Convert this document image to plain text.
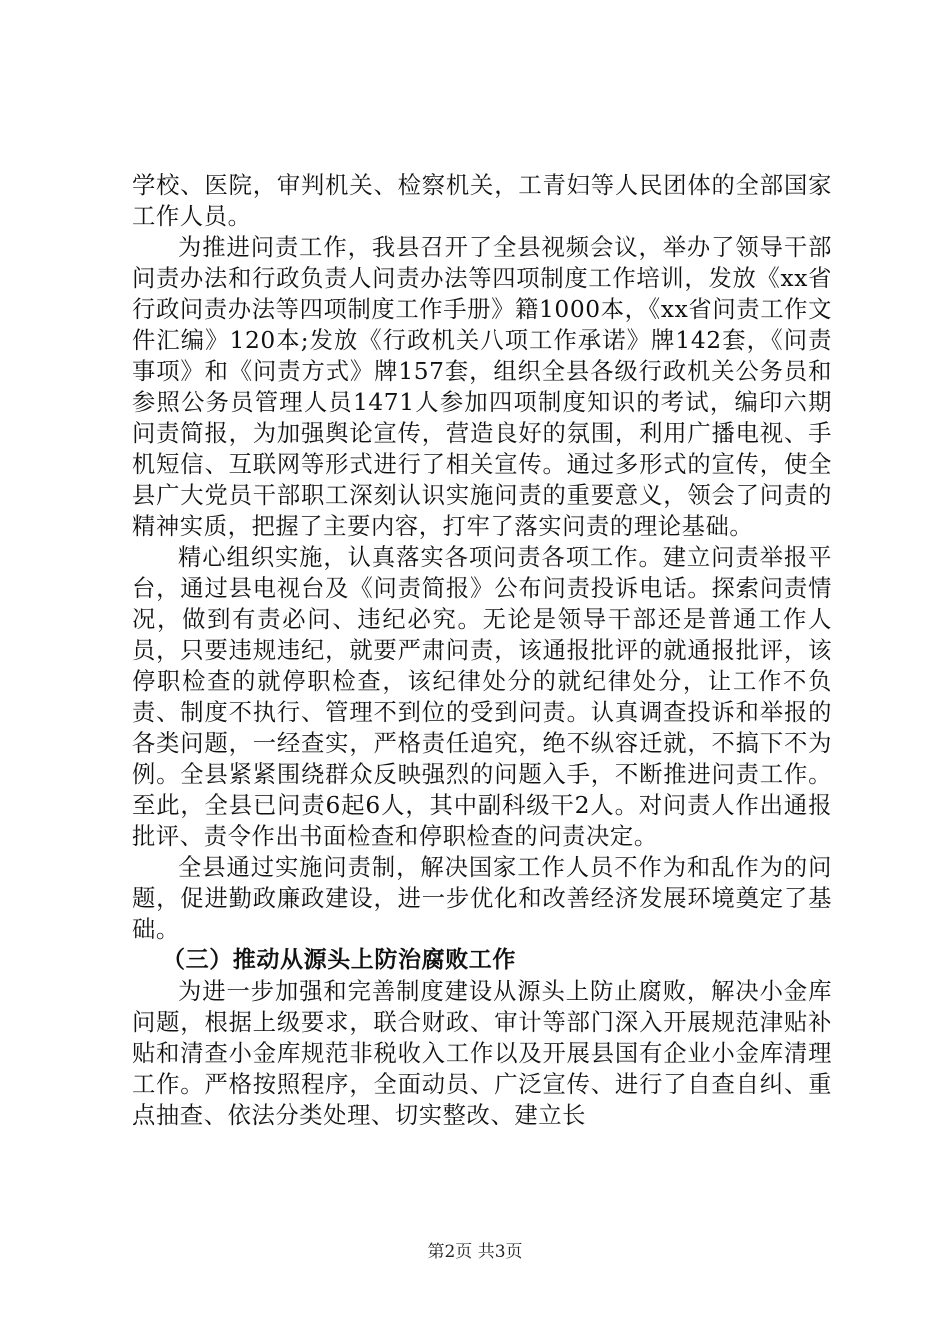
学校、医院，审判机关、检察机关，工青妇等人民团体的全部国家工作人员。

为推进问责工作，我县召开了全县视频会议，举办了领导干部问责办法和行政负责人问责办法等四项制度工作培训，发放《xx省行政问责办法等四项制度工作手册》籍1000本，《xx省问责工作文件汇编》120本;发放《行政机关八项工作承诺》牌142套，《问责事项》和《问责方式》牌157套，组织全县各级行政机关公务员和参照公务员管理人员1471人参加四项制度知识的考试，编印六期问责简报，为加强舆论宣传，营造良好的氛围，利用广播电视、手机短信、互联网等形式进行了相关宣传。通过多形式的宣传，使全县广大党员干部职工深刻认识实施问责的重要意义，领会了问责的精神实质，把握了主要内容，打牢了落实问责的理论基础。

精心组织实施，认真落实各项问责各项工作。建立问责举报平台，通过县电视台及《问责简报》公布问责投诉电话。探索问责情况，做到有责必问、违纪必究。无论是领导干部还是普通工作人员，只要违规违纪，就要严肃问责，该通报批评的就通报批评，该停职检查的就停职检查，该纪律处分的就纪律处分，让工作不负责、制度不执行、管理不到位的受到问责。认真调查投诉和举报的各类问题，一经查实，严格责任追究，绝不纵容迁就，不搞下不为例。全县紧紧围绕群众反映强烈的问题入手，不断推进问责工作。至此，全县已问责6起6人，其中副科级干2人。对问责人作出通报批评、责令作出书面检查和停职检查的问责决定。

全县通过实施问责制，解决国家工作人员不作为和乱作为的问题，促进勤政廉政建设，进一步优化和改善经济发展环境奠定了基础。

（三）推动从源头上防治腐败工作

为进一步加强和完善制度建设从源头上防止腐败，解决小金库问题，根据上级要求，联合财政、审计等部门深入开展规范津贴补贴和清查小金库规范非税收入工作以及开展县国有企业小金库清理工作。严格按照程序，全面动员、广泛宣传、进行了自查自纠、重点抽查、依法分类处理、切实整改、建立长

第2页 共3页
